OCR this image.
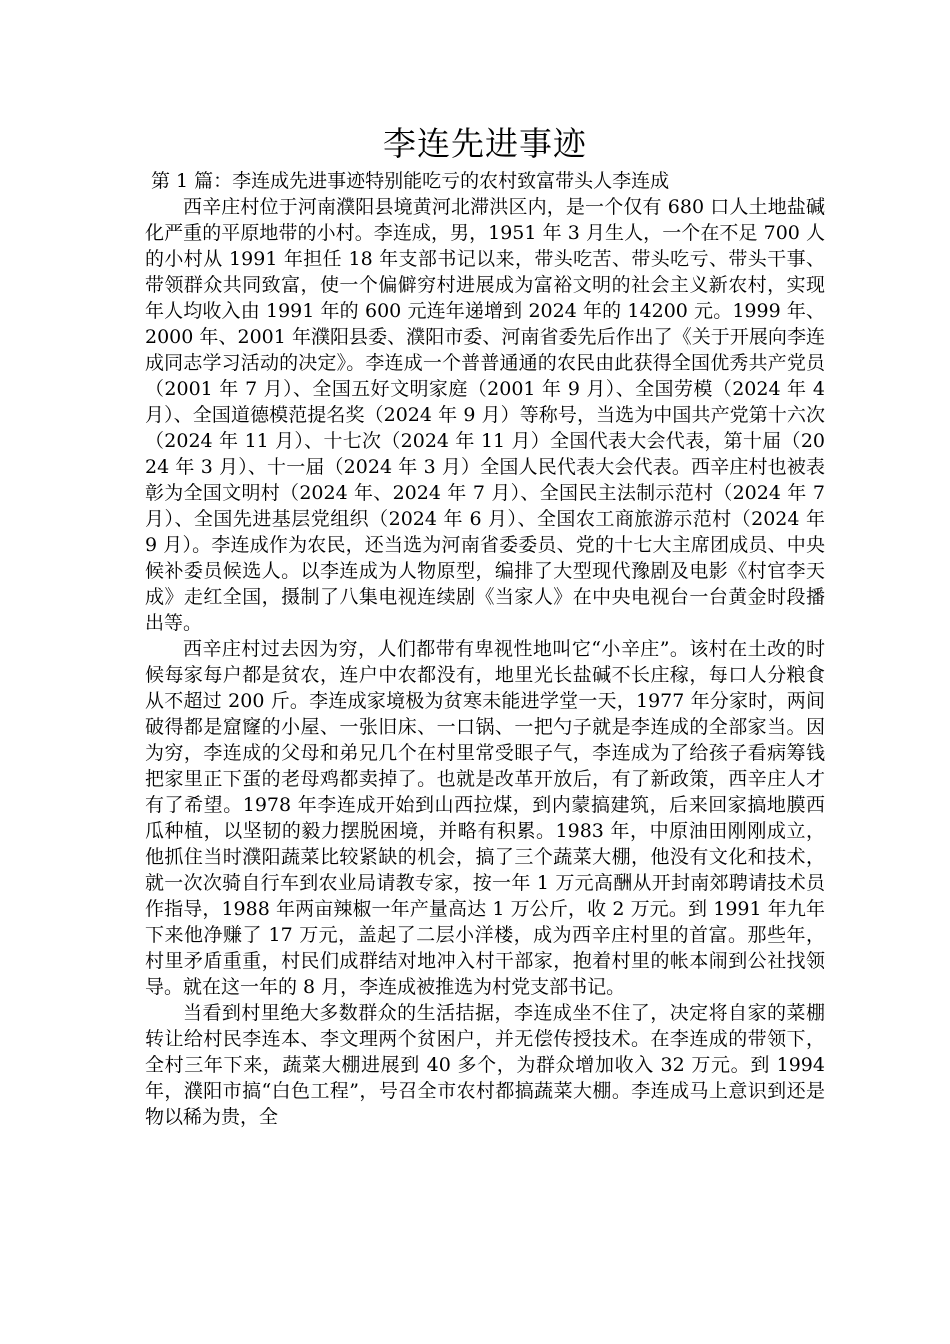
李连先进事迹
第 1 篇：李连成先进事迹特别能吃亏的农村致富带头人李连成

西辛庄村位于河南濮阳县境黄河北滞洪区内，是一个仅有 680 口人土地盐碱化严重的平原地带的小村。李连成，男，1951 年 3 月生人，一个在不足 700 人的小村从 1991 年担任 18 年支部书记以来，带头吃苦、带头吃亏、带头干事、带领群众共同致富，使一个偏僻穷村进展成为富裕文明的社会主义新农村，实现年人均收入由 1991 年的 600 元连年递增到 2024 年的 14200 元。1999 年、2000 年、2001 年濮阳县委、濮阳市委、河南省委先后作出了《关于开展向李连成同志学习活动的决定》。李连成一个普普通通的农民由此获得全国优秀共产党员（2001 年 7 月）、全国五好文明家庭（2001 年 9 月）、全国劳模（2024 年 4 月）、全国道德模范提名奖（2024 年 9 月）等称号，当选为中国共产党第十六次（2024 年 11 月）、十七次（2024 年 11 月）全国代表大会代表，第十届（2024 年 3 月）、十一届（2024 年 3 月）全国人民代表大会代表。西辛庄村也被表彰为全国文明村（2024 年、2024 年 7 月）、全国民主法制示范村（2024 年 7 月）、全国先进基层党组织（2024 年 6 月）、全国农工商旅游示范村（2024 年 9 月）。李连成作为农民，还当选为河南省委委员、党的十七大主席团成员、中央候补委员候选人。以李连成为人物原型，编排了大型现代豫剧及电影《村官李天成》走红全国，摄制了八集电视连续剧《当家人》在中央电视台一台黄金时段播出等。

西辛庄村过去因为穷，人们都带有卑视性地叫它“小辛庄”。该村在土改的时候每家每户都是贫农，连户中农都没有，地里光长盐碱不长庄稼，每口人分粮食从不超过 200 斤。李连成家境极为贫寒未能进学堂一天，1977 年分家时，两间破得都是窟窿的小屋、一张旧床、一口锅、一把勺子就是李连成的全部家当。因为穷，李连成的父母和弟兄几个在村里常受眼子气，李连成为了给孩子看病筹钱把家里正下蛋的老母鸡都卖掉了。也就是改革开放后，有了新政策，西辛庄人才有了希望。1978 年李连成开始到山西拉煤，到内蒙搞建筑，后来回家搞地膜西瓜种植，以坚韧的毅力摆脱困境，并略有积累。1983 年，中原油田刚刚成立，他抓住当时濮阳蔬菜比较紧缺的机会，搞了三个蔬菜大棚，他没有文化和技术，就一次次骑自行车到农业局请教专家，按一年 1 万元高酬从开封南郊聘请技术员作指导，1988 年两亩辣椒一年产量高达 1 万公斤，收 2 万元。到 1991 年九年下来他净赚了 17 万元，盖起了二层小洋楼，成为西辛庄村里的首富。那些年，村里矛盾重重，村民们成群结对地冲入村干部家，抱着村里的帐本闹到公社找领导。就在这一年的 8 月，李连成被推选为村党支部书记。

当看到村里绝大多数群众的生活拮据，李连成坐不住了，决定将自家的菜棚转让给村民李连本、李文理两个贫困户，并无偿传授技术。在李连成的带领下，全村三年下来，蔬菜大棚进展到 40 多个，为群众增加收入 32 万元。到 1994 年，濮阳市搞“白色工程”，号召全市农村都搞蔬菜大棚。李连成马上意识到还是物以稀为贵，全
